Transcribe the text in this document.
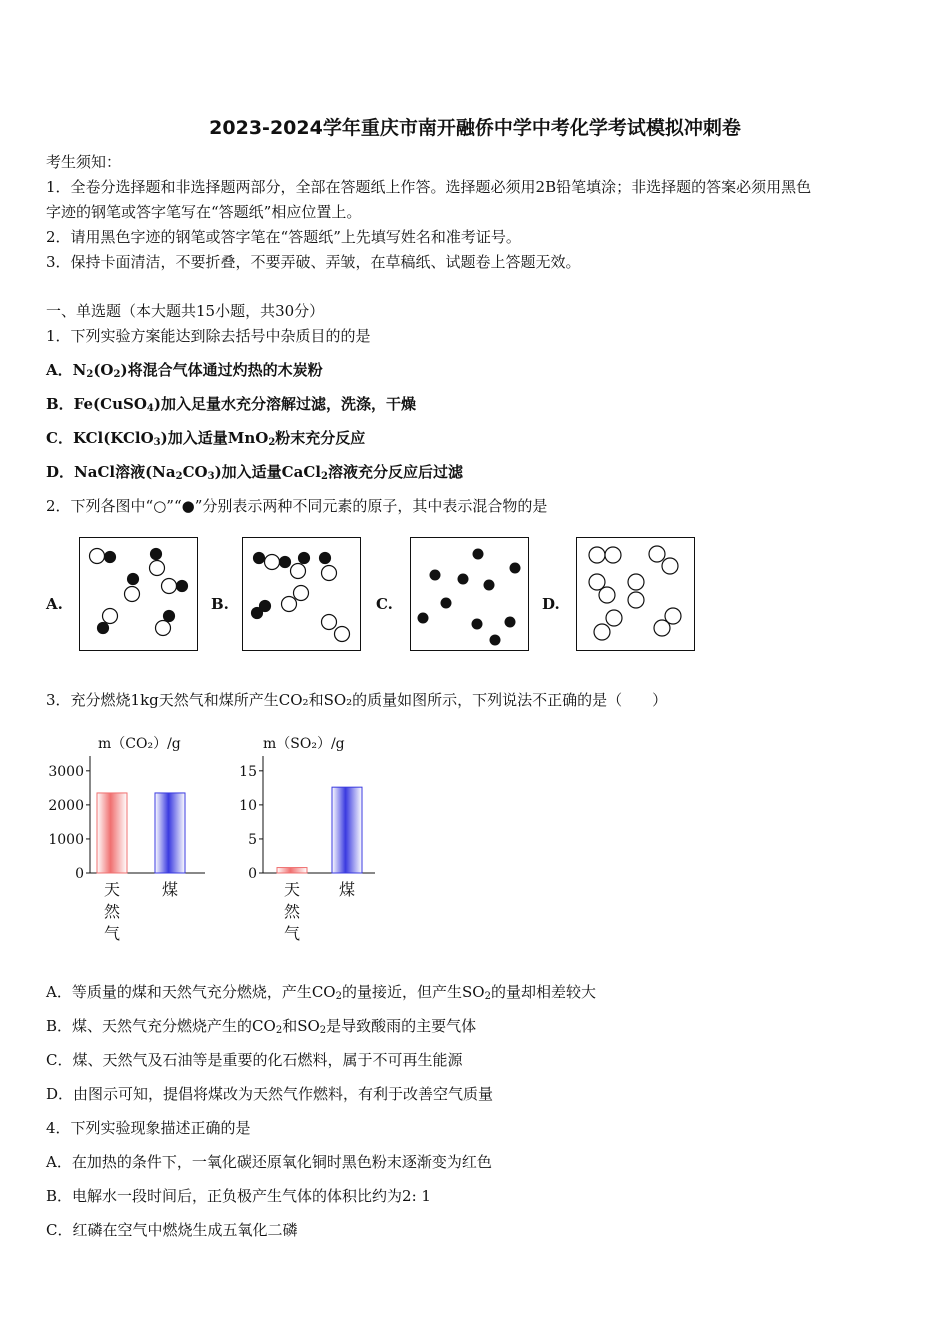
2023-2024学年重庆市南开融侨中学中考化学考试模拟冲刺卷
考生须知：
1．全卷分选择题和非选择题两部分，全部在答题纸上作答。选择题必须用2B铅笔填涂；非选择题的答案必须用黑色
字迹的钢笔或答字笔写在“答题纸”相应位置上。
2．请用黑色字迹的钢笔或答字笔在“答题纸”上先填写姓名和准考证号。
3．保持卡面清洁，不要折叠，不要弄破、弄皱，在草稿纸、试题卷上答题无效。
一、单选题（本大题共15小题，共30分）
1．下列实验方案能达到除去括号中杂质目的的是
A．$N_2(O_2)$将混合气体通过灼热的木炭粉
B．Fe(CuSO$_4$)加入足量水充分溶解过滤，洗涤，干燥
C．KCl(KClO$_3$)加入适量MnO$_2$粉末充分反应
D．NaCl溶液$(Na_2CO_3)$加入适量CaCl$_2$溶液充分反应后过滤
2．下列各图中“○”“●”分别表示两种不同元素的原子，其中表示混合物的是
A.	B.	C.	D.
3．充分燃烧1kg天然气和煤所产生CO₂和SO₂的质量如图所示，下列说法不正确的是（　　）
m（CO₂）/g
0
1000
2000
3000
天
然
气
煤
m（SO₂）/g
0
5
10
15
天
然
气
煤
A．等质量的煤和天然气充分燃烧，产生$CO_2$的量接近，但产生$SO_2$的量却相差较大
B．煤、天然气充分燃烧产生的$CO_2$和$SO_2$是导致酸雨的主要气体
C．煤、天然气及石油等是重要的化石燃料，属于不可再生能源
D．由图示可知，提倡将煤改为天然气作燃料，有利于改善空气质量
4．下列实验现象描述正确的是
A．在加热的条件下，一氧化碳还原氧化铜时黑色粉末逐渐变为红色
B．电解水一段时间后，正负极产生气体的体积比约为2: 1
C．红磷在空气中燃烧生成五氧化二磷
